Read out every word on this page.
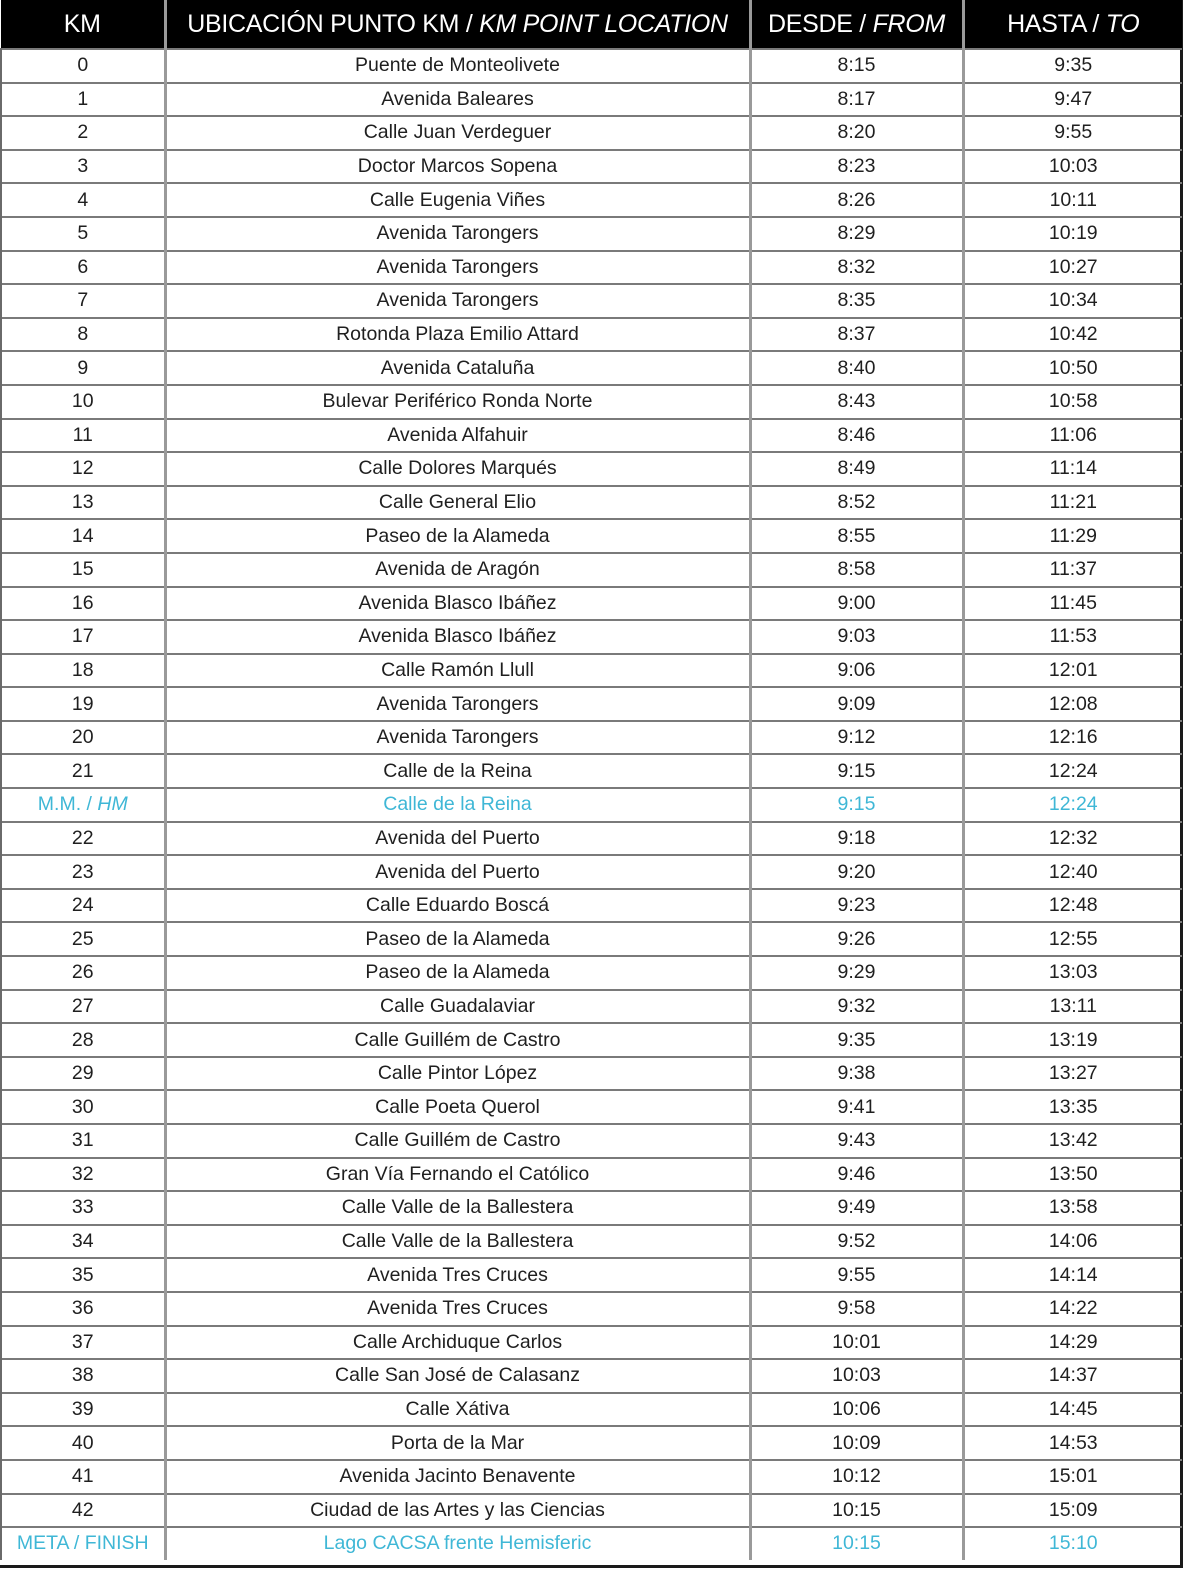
KM	UBICACIÓN PUNTO KM / KM POINT LOCATION	DESDE / FROM	HASTA / TO
0	Puente de Monteolivete	8:15	9:35
1	Avenida Baleares	8:17	9:47
2	Calle Juan Verdeguer	8:20	9:55
3	Doctor Marcos Sopena	8:23	10:03
4	Calle Eugenia Viñes	8:26	10:11
5	Avenida Tarongers	8:29	10:19
6	Avenida Tarongers	8:32	10:27
7	Avenida Tarongers	8:35	10:34
8	Rotonda Plaza Emilio Attard	8:37	10:42
9	Avenida Cataluña	8:40	10:50
10	Bulevar Periférico Ronda Norte	8:43	10:58
11	Avenida Alfahuir	8:46	11:06
12	Calle Dolores Marqués	8:49	11:14
13	Calle General Elio	8:52	11:21
14	Paseo de la Alameda	8:55	11:29
15	Avenida de Aragón	8:58	11:37
16	Avenida Blasco Ibáñez	9:00	11:45
17	Avenida Blasco Ibáñez	9:03	11:53
18	Calle Ramón Llull	9:06	12:01
19	Avenida Tarongers	9:09	12:08
20	Avenida Tarongers	9:12	12:16
21	Calle de la Reina	9:15	12:24
M.M. / HM	Calle de la Reina	9:15	12:24
22	Avenida del Puerto	9:18	12:32
23	Avenida del Puerto	9:20	12:40
24	Calle Eduardo Boscá	9:23	12:48
25	Paseo de la Alameda	9:26	12:55
26	Paseo de la Alameda	9:29	13:03
27	Calle Guadalaviar	9:32	13:11
28	Calle Guillém de Castro	9:35	13:19
29	Calle Pintor López	9:38	13:27
30	Calle Poeta Querol	9:41	13:35
31	Calle Guillém de Castro	9:43	13:42
32	Gran Vía Fernando el Católico	9:46	13:50
33	Calle Valle de la Ballestera	9:49	13:58
34	Calle Valle de la Ballestera	9:52	14:06
35	Avenida Tres Cruces	9:55	14:14
36	Avenida Tres Cruces	9:58	14:22
37	Calle Archiduque Carlos	10:01	14:29
38	Calle San José de Calasanz	10:03	14:37
39	Calle Xátiva	10:06	14:45
40	Porta de la Mar	10:09	14:53
41	Avenida Jacinto Benavente	10:12	15:01
42	Ciudad de las Artes y las Ciencias	10:15	15:09
META / FINISH	Lago CACSA frente Hemisferic	10:15	15:10
